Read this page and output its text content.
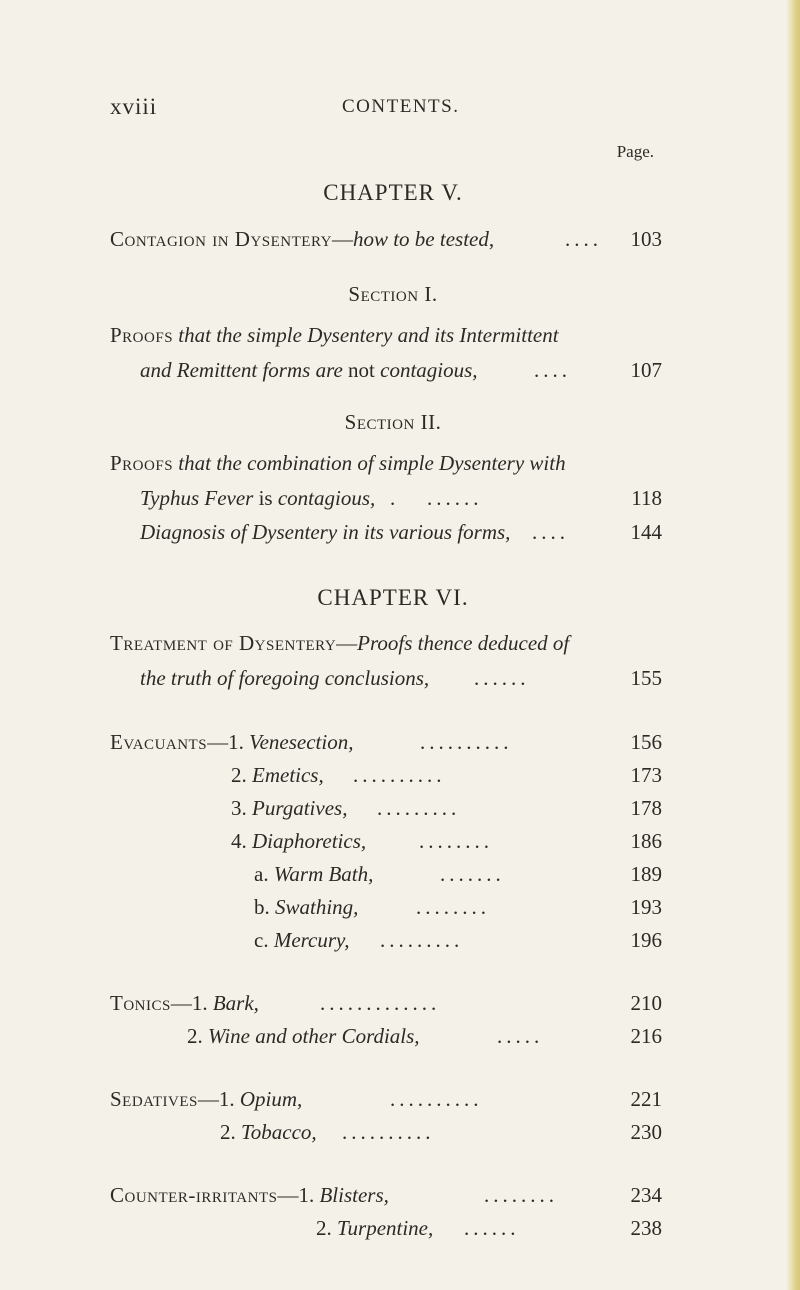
xviii	CONTENTS.
Page.
CHAPTER V.
Contagion in Dysentery—how to be tested,	.... 103
Section I.
Proofs that the simple Dysentery and its Intermittent
and Remittent forms are not contagious,	....	107
Section II.
Proofs that the combination of simple Dysentery with
Typhus Fever is contagious, .   ......	118
Diagnosis of Dysentery in its various forms, ....	144
CHAPTER VI.
Treatment of Dysentery—Proofs thence deduced of
the truth of foregoing conclusions, ......	155
Evacuants—1. Venesection,	..........	156
2. Emetics, ..........	173
3. Purgatives, .........	178
4. Diaphoretics,	........	186
a. Warm Bath,	.......	189
b. Swathing,	........	193
c. Mercury, .........	196
Tonics—1. Bark,	.............	210
2. Wine and other Cordials,	.....	216
Sedatives—1. Opium,	..........	221
2. Tobacco, ..........	230
Counter-irritants—1. Blisters,	........	234
2. Turpentine, ......	238
